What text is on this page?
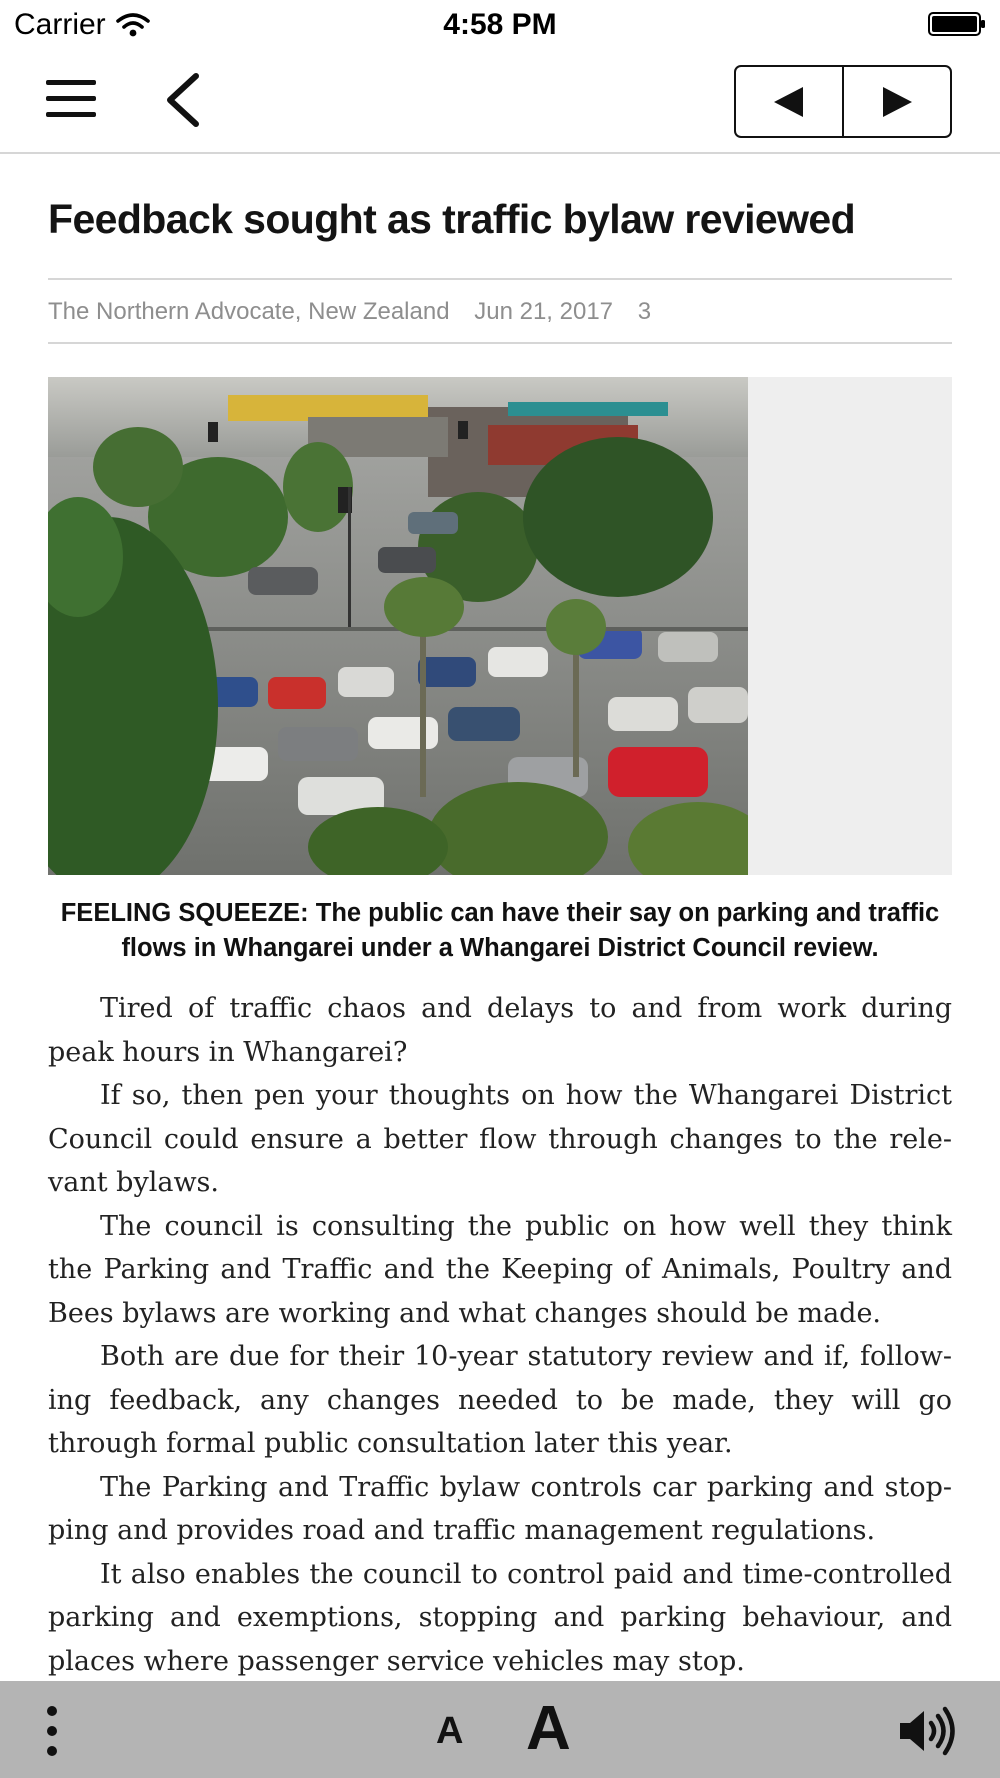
Carrier	4:58 PM
Feedback sought as traffic bylaw reviewed
The Northern Advocate, New Zealand Jun 21, 2017 3
FEELING SQUEEZE: The public can have their say on parking and traffic flows in Whangarei under a Whangarei District Council review.

Tired of traffic chaos and delays to and from work during peak hours in Whangarei?

If so, then pen your thoughts on how the Whangarei District Council could ensure a better flow through changes to the relevant bylaws.

The council is consulting the public on how well they think the Parking and Traffic and the Keeping of Animals, Poultry and Bees bylaws are working and what changes should be made.

Both are due for their 10-year statutory review and if, following feedback, any changes needed to be made, they will go through formal public consultation later this year.

The Parking and Traffic bylaw controls car parking and stopping and provides road and traffic management regulations.

It also enables the council to control paid and time-controlled parking and exemptions, stopping and parking behaviour, and places where passenger service vehicles may stop.

A A
